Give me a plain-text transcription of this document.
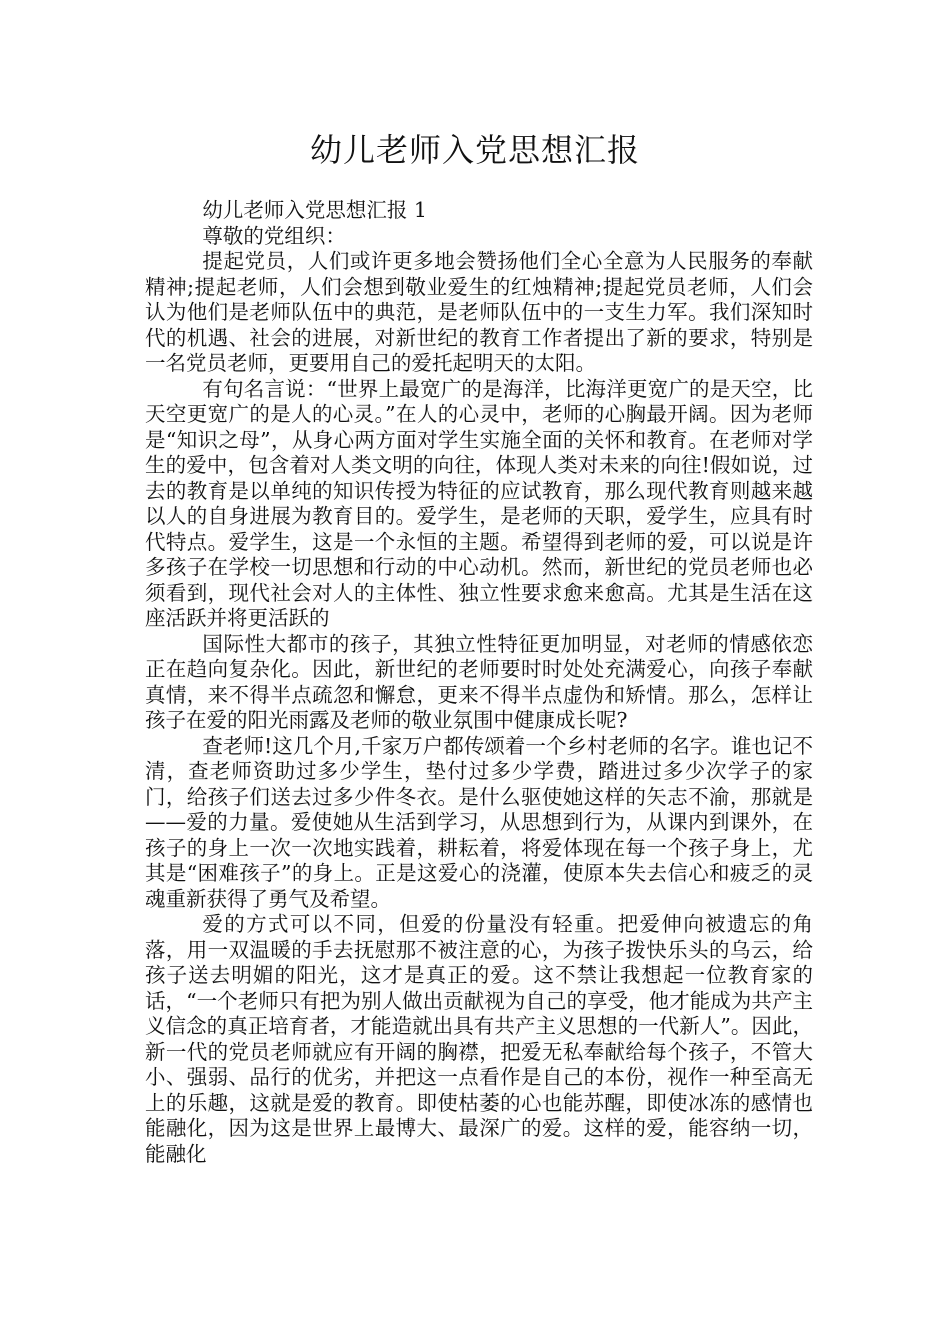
幼儿老师入党思想汇报

幼儿老师入党思想汇报 1

尊敬的党组织：

提起党员，人们或许更多地会赞扬他们全心全意为人民服务的奉献精神;提起老师，人们会想到敬业爱生的红烛精神;提起党员老师，人们会认为他们是老师队伍中的典范，是老师队伍中的一支生力军。我们深知时代的机遇、社会的进展，对新世纪的教育工作者提出了新的要求，特别是一名党员老师，更要用自己的爱托起明天的太阳。

有句名言说：“世界上最宽广的是海洋，比海洋更宽广的是天空，比天空更宽广的是人的心灵。”在人的心灵中，老师的心胸最开阔。因为老师是“知识之母”，从身心两方面对学生实施全面的关怀和教育。在老师对学生的爱中，包含着对人类文明的向往，体现人类对未来的向往!假如说，过去的教育是以单纯的知识传授为特征的应试教育，那么现代教育则越来越以人的自身进展为教育目的。爱学生，是老师的天职，爱学生，应具有时代特点。爱学生，这是一个永恒的主题。希望得到老师的爱，可以说是许多孩子在学校一切思想和行动的中心动机。然而，新世纪的党员老师也必须看到，现代社会对人的主体性、独立性要求愈来愈高。尤其是生活在这座活跃并将更活跃的

国际性大都市的孩子，其独立性特征更加明显，对老师的情感依恋正在趋向复杂化。因此，新世纪的老师要时时处处充满爱心，向孩子奉献真情，来不得半点疏忽和懈怠，更来不得半点虚伪和矫情。那么，怎样让孩子在爱的阳光雨露及老师的敬业氛围中健康成长呢?

查老师!这几个月,千家万户都传颂着一个乡村老师的名字。谁也记不清，查老师资助过多少学生，垫付过多少学费，踏进过多少次学子的家门，给孩子们送去过多少件冬衣。是什么驱使她这样的矢志不渝，那就是——爱的力量。爱使她从生活到学习，从思想到行为，从课内到课外，在孩子的身上一次一次地实践着，耕耘着，将爱体现在每一个孩子身上，尤其是“困难孩子”的身上。正是这爱心的浇灌，使原本失去信心和疲乏的灵魂重新获得了勇气及希望。

爱的方式可以不同，但爱的份量没有轻重。把爱伸向被遗忘的角落，用一双温暖的手去抚慰那不被注意的心，为孩子拨快乐头的乌云，给孩子送去明媚的阳光，这才是真正的爱。这不禁让我想起一位教育家的话，“一个老师只有把为别人做出贡献视为自己的享受，他才能成为共产主义信念的真正培育者，才能造就出具有共产主义思想的一代新人”。因此，新一代的党员老师就应有开阔的胸襟，把爱无私奉献给每个孩子，不管大小、强弱、品行的优劣，并把这一点看作是自己的本份，视作一种至高无上的乐趣，这就是爱的教育。即使枯萎的心也能苏醒，即使冰冻的感情也能融化，因为这是世界上最博大、最深广的爱。这样的爱，能容纳一切，能融化
